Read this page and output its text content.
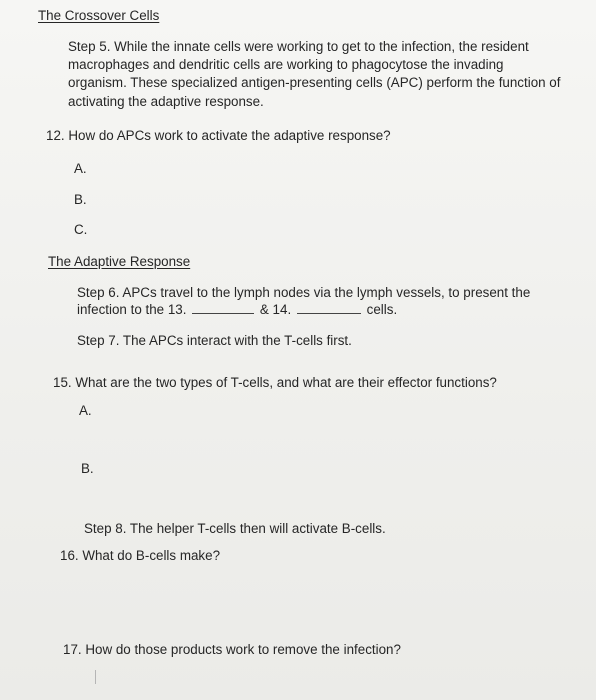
The Crossover Cells
Step 5. While the innate cells were working to get to the infection, the resident
macrophages and dendritic cells are working to phagocytose the invading
organism. These specialized antigen-presenting cells (APC) perform the function of
activating the adaptive response.
12. How do APCs work to activate the adaptive response?
A.
B.
C.
The Adaptive Response
Step 6. APCs travel to the lymph nodes via the lymph vessels, to present the
infection to the 13.	& 14.	cells.
Step 7. The APCs interact with the T-cells first.
15. What are the two types of T-cells, and what are their effector functions?
A.
B.
Step 8. The helper T-cells then will activate B-cells.
16. What do B-cells make?
17. How do those products work to remove the infection?
